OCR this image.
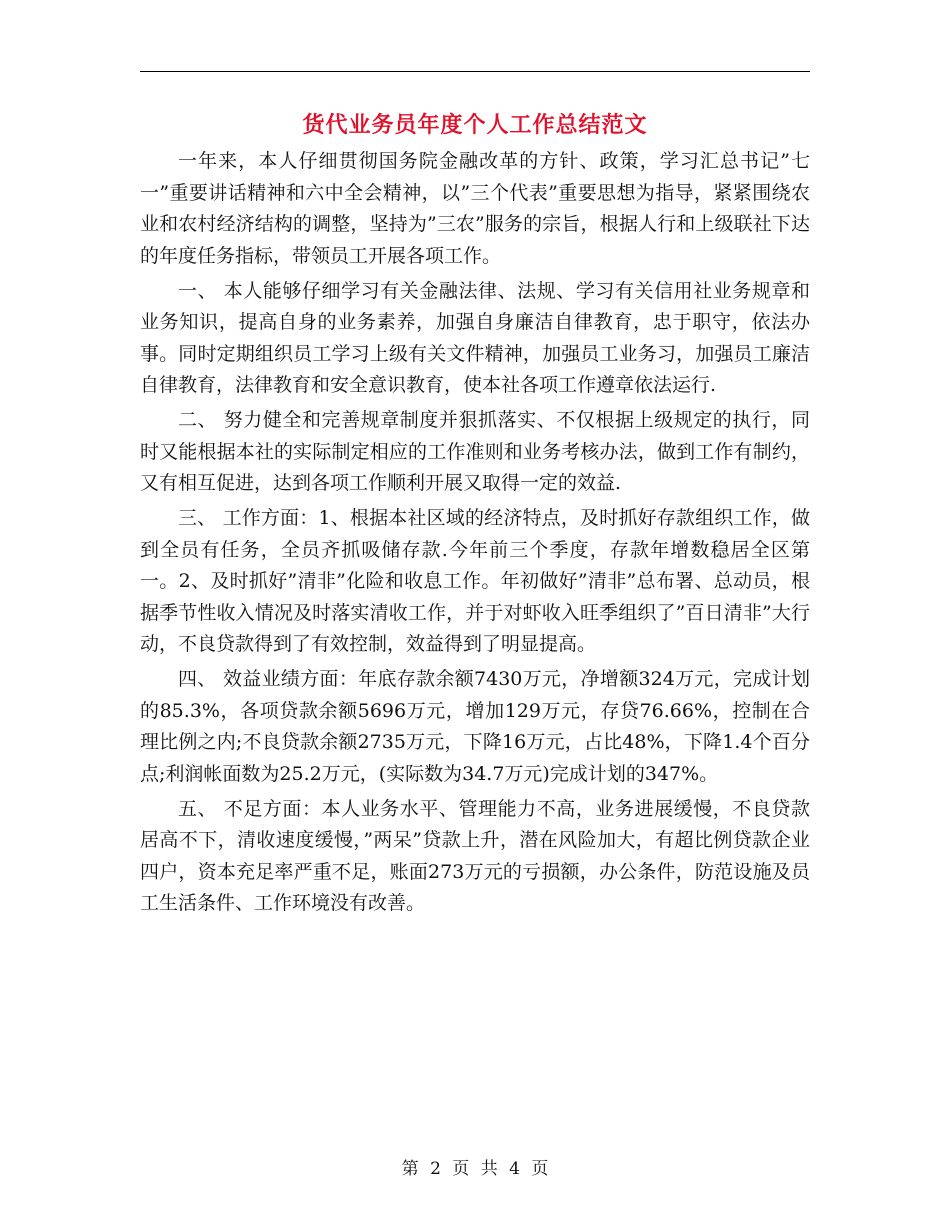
货代业务员年度个人工作总结范文

一年来，本人仔细贯彻国务院金融改革的方针、政策，学习汇总书记”七一”重要讲话精神和六中全会精神，以”三个代表”重要思想为指导，紧紧围绕农业和农村经济结构的调整，坚持为”三农”服务的宗旨，根据人行和上级联社下达的年度任务指标，带领员工开展各项工作。

一、 本人能够仔细学习有关金融法律、法规、学习有关信用社业务规章和业务知识，提高自身的业务素养，加强自身廉洁自律教育，忠于职守，依法办事。同时定期组织员工学习上级有关文件精神，加强员工业务习，加强员工廉洁自律教育，法律教育和安全意识教育，使本社各项工作遵章依法运行.

二、 努力健全和完善规章制度并狠抓落实、不仅根据上级规定的执行，同时又能根据本社的实际制定相应的工作准则和业务考核办法，做到工作有制约，又有相互促进，达到各项工作顺利开展又取得一定的效益.

三、 工作方面：1、根据本社区域的经济特点，及时抓好存款组织工作，做到全员有任务，全员齐抓吸储存款.今年前三个季度，存款年增数稳居全区第一。2、及时抓好”清非”化险和收息工作。年初做好”清非”总布署、总动员，根据季节性收入情况及时落实清收工作，并于对虾收入旺季组织了”百日清非”大行动，不良贷款得到了有效控制，效益得到了明显提高。

四、 效益业绩方面：年底存款余额7430万元，净增额324万元，完成计划的85.3%，各项贷款余额5696万元，增加129万元，存贷76.66%，控制在合理比例之内;不良贷款余额2735万元，下降16万元，占比48%，下降1.4个百分点;利润帐面数为25.2万元，(实际数为34.7万元)完成计划的347%。

五、 不足方面：本人业务水平、管理能力不高，业务进展缓慢，不良贷款居高不下，清收速度缓慢，”两呆”贷款上升，潜在风险加大，有超比例贷款企业四户，资本充足率严重不足，账面273万元的亏损额，办公条件，防范设施及员工生活条件、工作环境没有改善。

第 2 页 共 4 页
